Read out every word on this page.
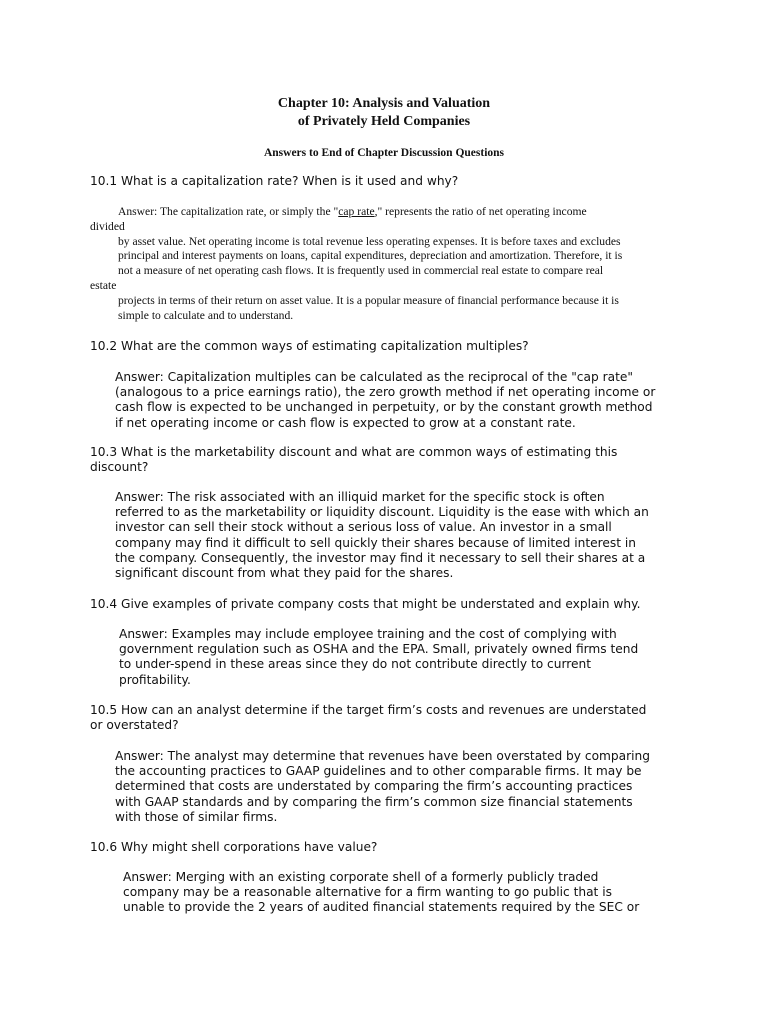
Chapter 10: Analysis and Valuation
of Privately Held Companies
Answers to End of Chapter Discussion Questions
10.1 What is a capitalization rate? When is it used and why?
Answer: The capitalization rate, or simply the "cap rate," represents the ratio of net operating income
divided
by asset value. Net operating income is total revenue less operating expenses. It is before taxes and excludes
principal and interest payments on loans, capital expenditures, depreciation and amortization. Therefore, it is
not a measure of net operating cash flows. It is frequently used in commercial real estate to compare real
estate
projects in terms of their return on asset value. It is a popular measure of financial performance because it is
simple to calculate and to understand.
10.2 What are the common ways of estimating capitalization multiples?
Answer: Capitalization multiples can be calculated as the reciprocal of the "cap rate"
(analogous to a price earnings ratio), the zero growth method if net operating income or
cash flow is expected to be unchanged in perpetuity, or by the constant growth method
if net operating income or cash flow is expected to grow at a constant rate.
10.3 What is the marketability discount and what are common ways of estimating this
discount?
Answer: The risk associated with an illiquid market for the specific stock is often
referred to as the marketability or liquidity discount. Liquidity is the ease with which an
investor can sell their stock without a serious loss of value. An investor in a small
company may find it difficult to sell quickly their shares because of limited interest in
the company. Consequently, the investor may find it necessary to sell their shares at a
significant discount from what they paid for the shares.
10.4 Give examples of private company costs that might be understated and explain why.
Answer: Examples may include employee training and the cost of complying with
government regulation such as OSHA and the EPA. Small, privately owned firms tend
to under-spend in these areas since they do not contribute directly to current
profitability.
10.5 How can an analyst determine if the target firm’s costs and revenues are understated
or overstated?
Answer: The analyst may determine that revenues have been overstated by comparing
the accounting practices to GAAP guidelines and to other comparable firms. It may be
determined that costs are understated by comparing the firm’s accounting practices
with GAAP standards and by comparing the firm’s common size financial statements
with those of similar firms.
10.6 Why might shell corporations have value?
Answer: Merging with an existing corporate shell of a formerly publicly traded
company may be a reasonable alternative for a firm wanting to go public that is
unable to provide the 2 years of audited financial statements required by the SEC or
